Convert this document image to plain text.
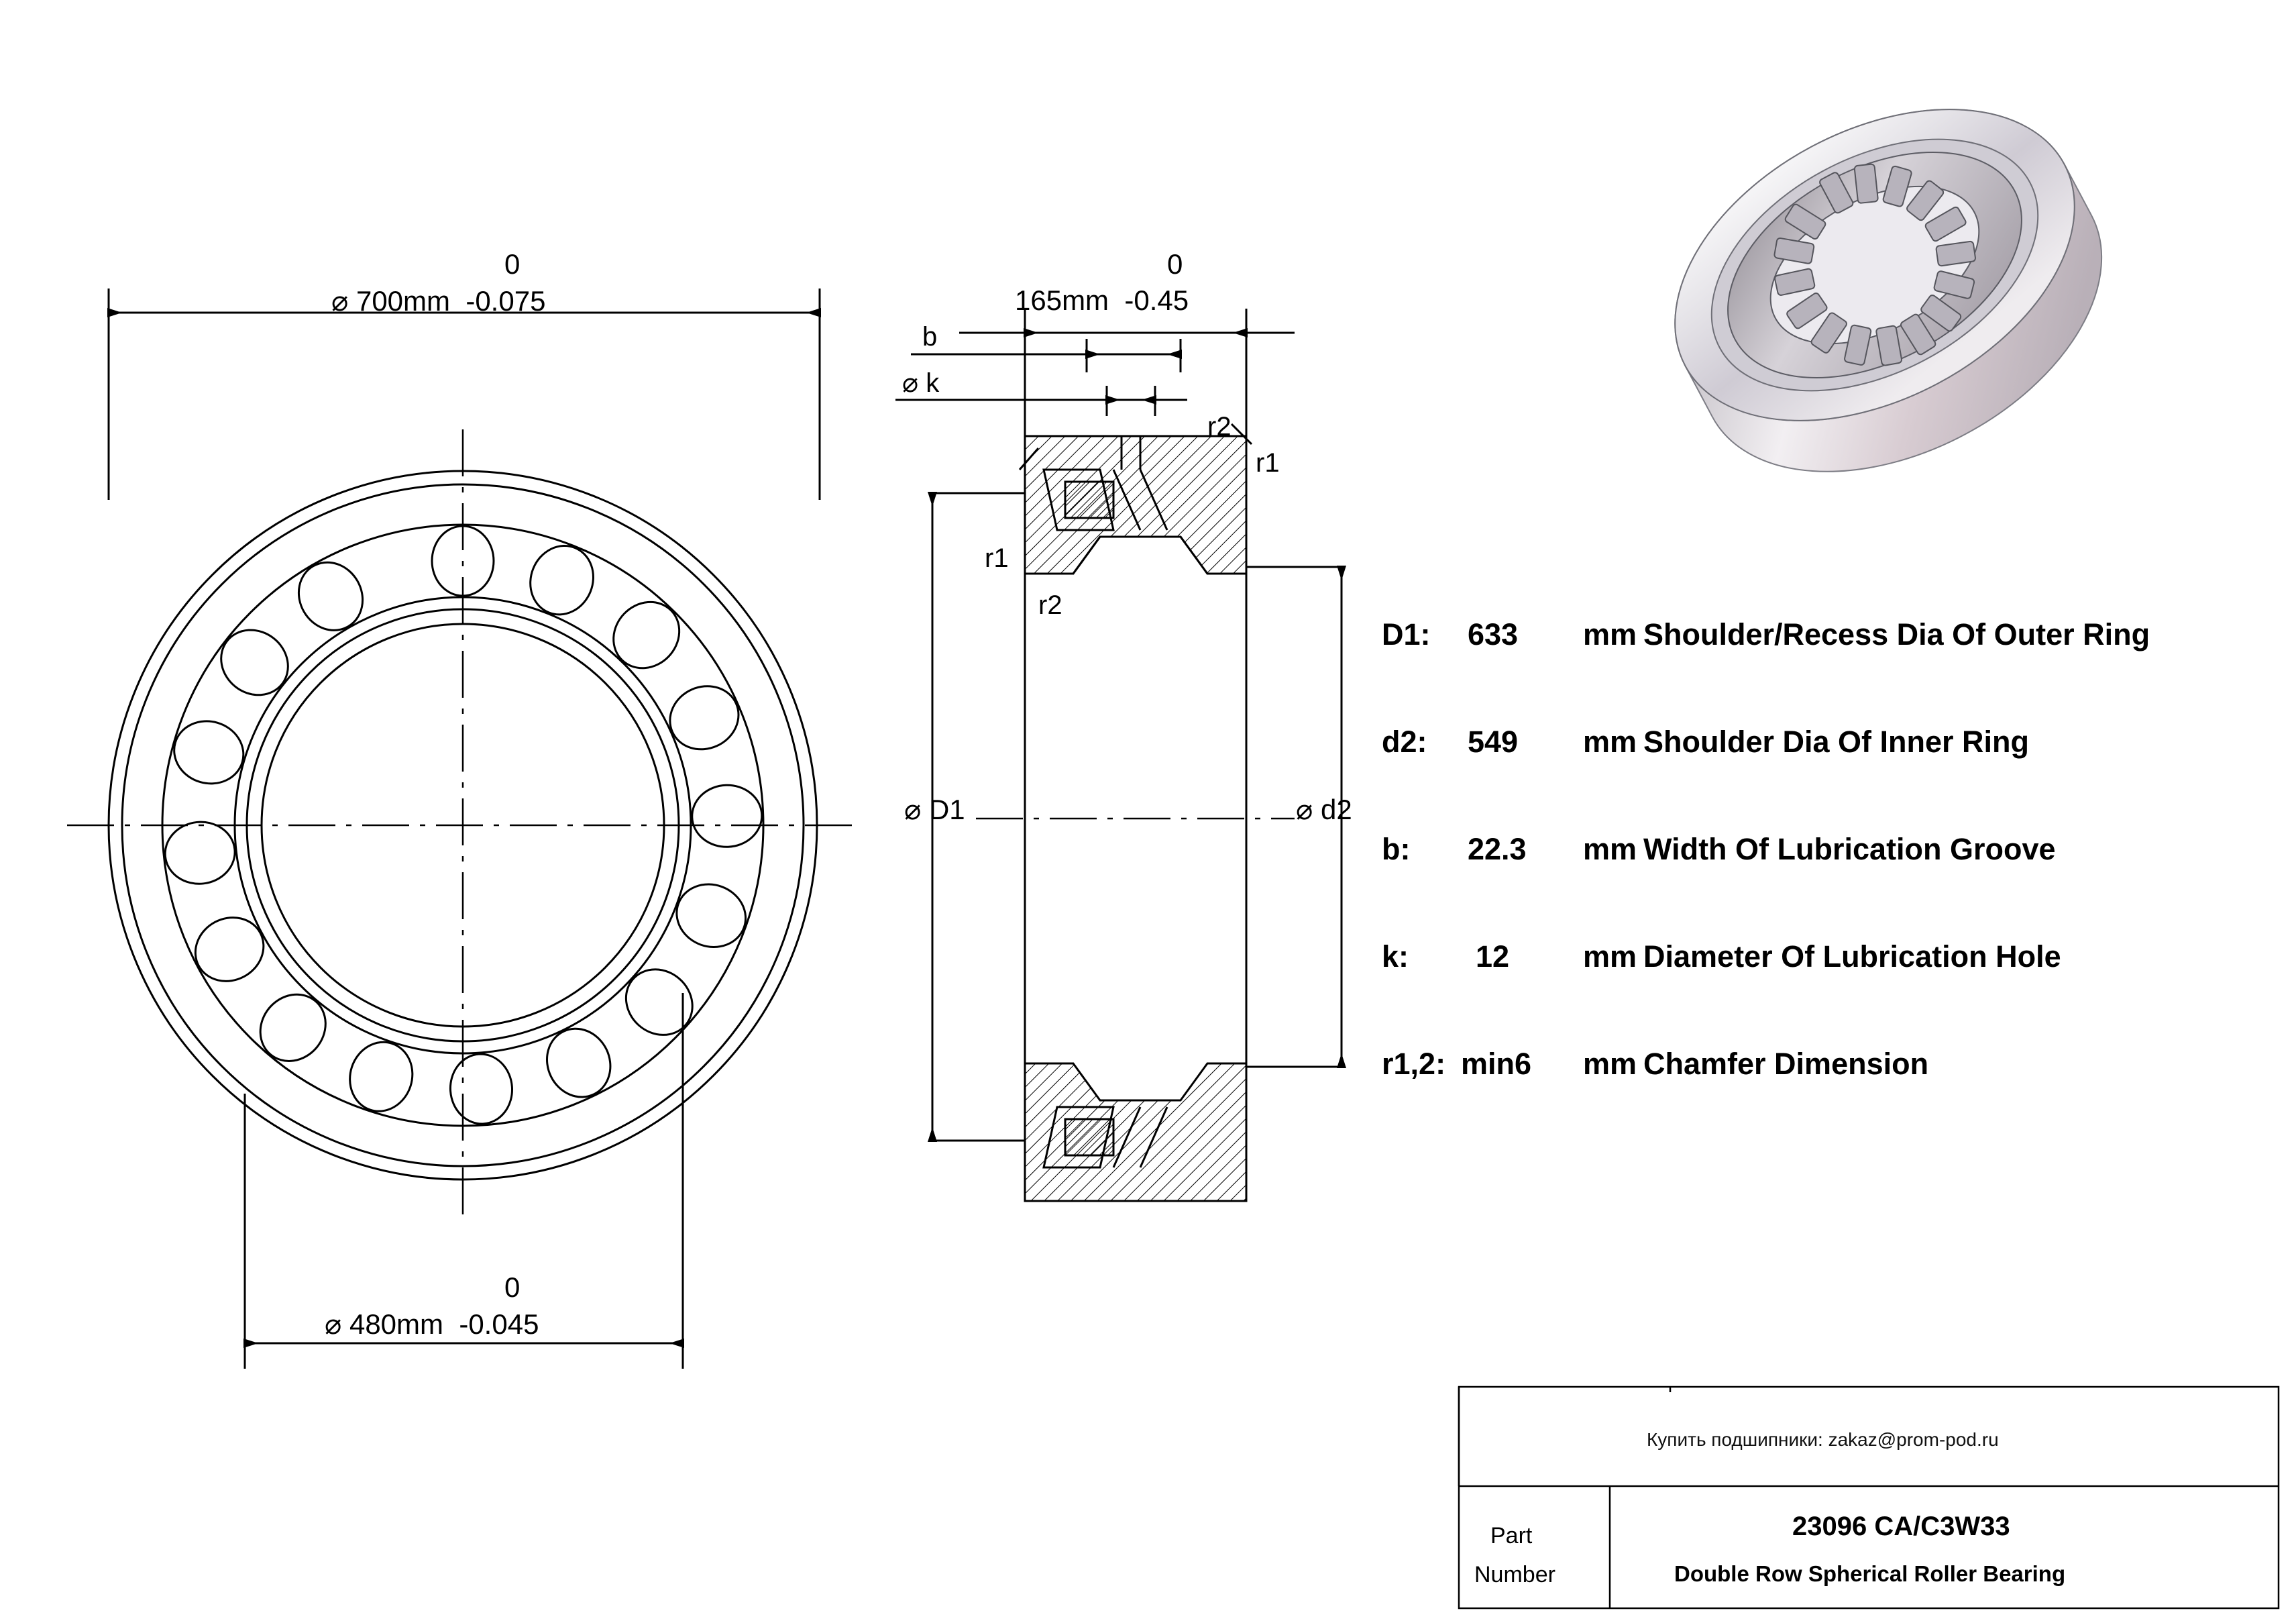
0
⌀ 700mm  -0.075
0
⌀ 480mm  -0.045
0
165mm  -0.45
b
⌀ k
r2
r1
r1
r2
⌀ D1	⌀ d2
D1: 633 mm Shoulder/Recess Dia Of Outer Ring
d2: 549 mm Shoulder Dia Of Inner Ring
b: 22.3 mm Width Of Lubrication Groove
k: 12 mm Diameter Of Lubrication Hole
r1,2: min6 mm Chamfer Dimension
Купить подшипники: zakaz@prom-pod.ru
Part
Number
23096 CA/C3W33
Double Row Spherical Roller Bearing
